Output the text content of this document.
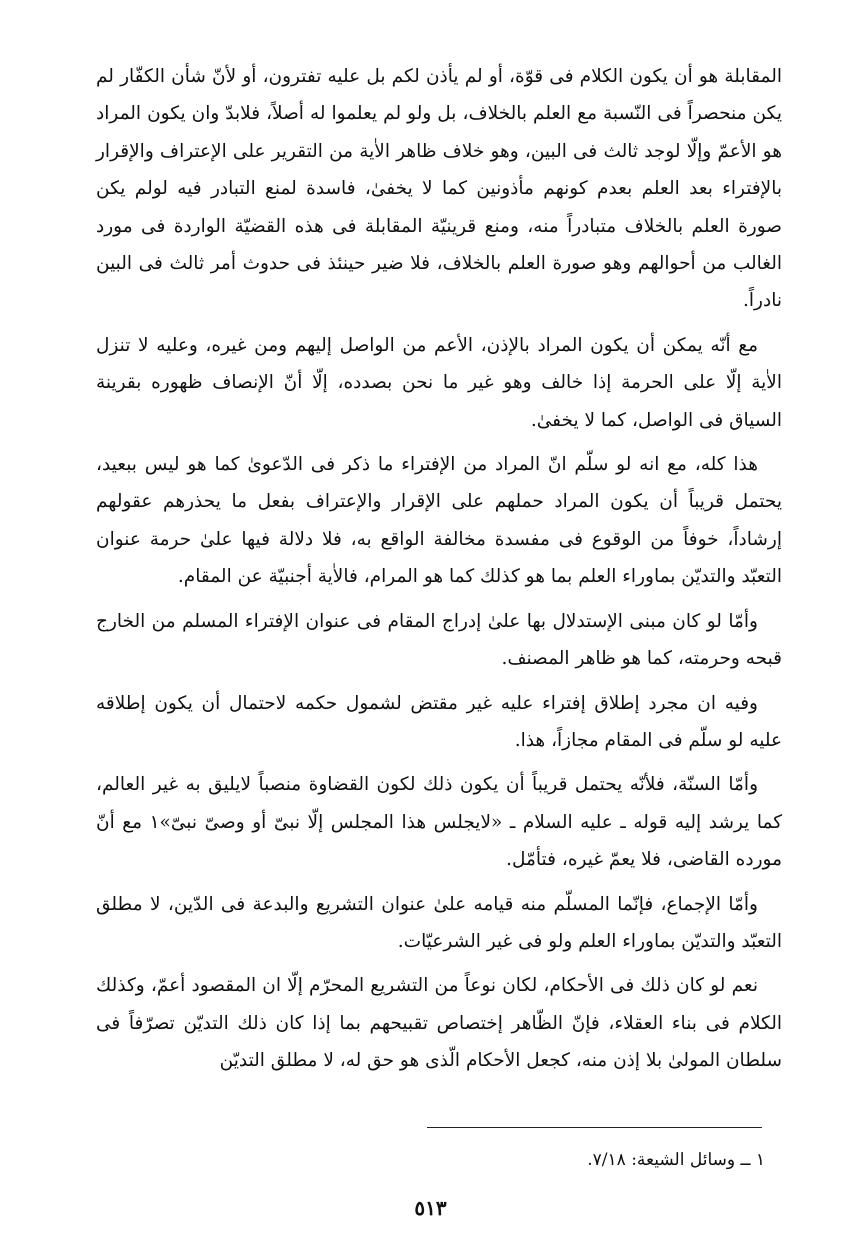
المقابلة هو أن يكون الكلام فى قوّة، أو لم يأذن لكم بل عليه تفترون، أو لأنّ شأن الكفّار لم يكن منحصراً فى النّسبة مع العلم بالخلاف، بل ولو لم يعلموا له أصلاً، فلابدّ وان يكون المراد هو الأعمّ وإلّا لوجد ثالث فى البين، وهو خلاف ظاهر الاٰية من التقرير على الإعتراف والإقرار بالإفتراء بعد العلم بعدم كونهم مأذونين كما لا يخفىٰ، فاسدة لمنع التبادر فيه لولم يكن صورة العلم بالخلاف متبادراً منه، ومنع قرينيّة المقابلة فى هذه القضيّة الواردة فى مورد الغالب من أحوالهم وهو صورة العلم بالخلاف، فلا ضير حينئذ فى حدوث أمر ثالث فى البين نادراً.

مع أنّه يمكن أن يكون المراد بالإذن، الأعم من الواصل إليهم ومن غيره، وعليه لا تنزل الاٰية إلّا على الحرمة إذا خالف وهو غير ما نحن بصدده، إلّا أنّ الإنصاف ظهوره بقرينة السياق فى الواصل، كما لا يخفىٰ.

هذا كله، مع انه لو سلّم انّ المراد من الإفتراء ما ذكر فى الدّعوىٰ كما هو ليس ببعيد، يحتمل قريباً أن يكون المراد حملهم على الإقرار والإعتراف بفعل ما يحذرهم عقولهم إرشاداً، خوفاً من الوقوع فى مفسدة مخالفة الواقع به، فلا دلالة فيها علىٰ حرمة عنوان التعبّد والتديّن بماوراء العلم بما هو كذلك كما هو المرام، فالاٰية أجنبيّة عن المقام.

وأمّا لو كان مبنى الإستدلال بها علىٰ إدراج المقام فى عنوان الإفتراء المسلم من الخارج قبحه وحرمته، كما هو ظاهر المصنف.

وفيه ان مجرد إطلاق إفتراء عليه غير مقتض لشمول حكمه لاحتمال أن يكون إطلاقه عليه لو سلّم فى المقام مجازاً، هذا.

وأمّا السنّة، فلأنّه يحتمل قريباً أن يكون ذلك لكون القضاوة منصباً لايليق به غير العالم، كما يرشد إليه قوله ـ عليه السلام ـ «لايجلس هذا المجلس إلّا نبىّ أو وصىّ نبىّ»١ مع أنّ مورده القاضى، فلا يعمّ غيره، فتأمّل.

وأمّا الإجماع، فإنّما المسلّم منه قيامه علىٰ عنوان التشريع والبدعة فى الدّين، لا مطلق التعبّد والتديّن بماوراء العلم ولو فى غير الشرعيّات.

نعم لو كان ذلك فى الأحكام، لكان نوعاً من التشريع المحرّم إلّا ان المقصود أعمّ، وكذلك الكلام فى بناء العقلاء، فإنّ الظّاهر إختصاص تقبيحهم بما إذا كان ذلك التديّن تصرّفاً فى سلطان المولىٰ بلا إذن منه، كجعل الأحكام الّذى هو حق له، لا مطلق التديّن

١ ــ وسائل الشيعة: ٧/١٨.
٥١٣
